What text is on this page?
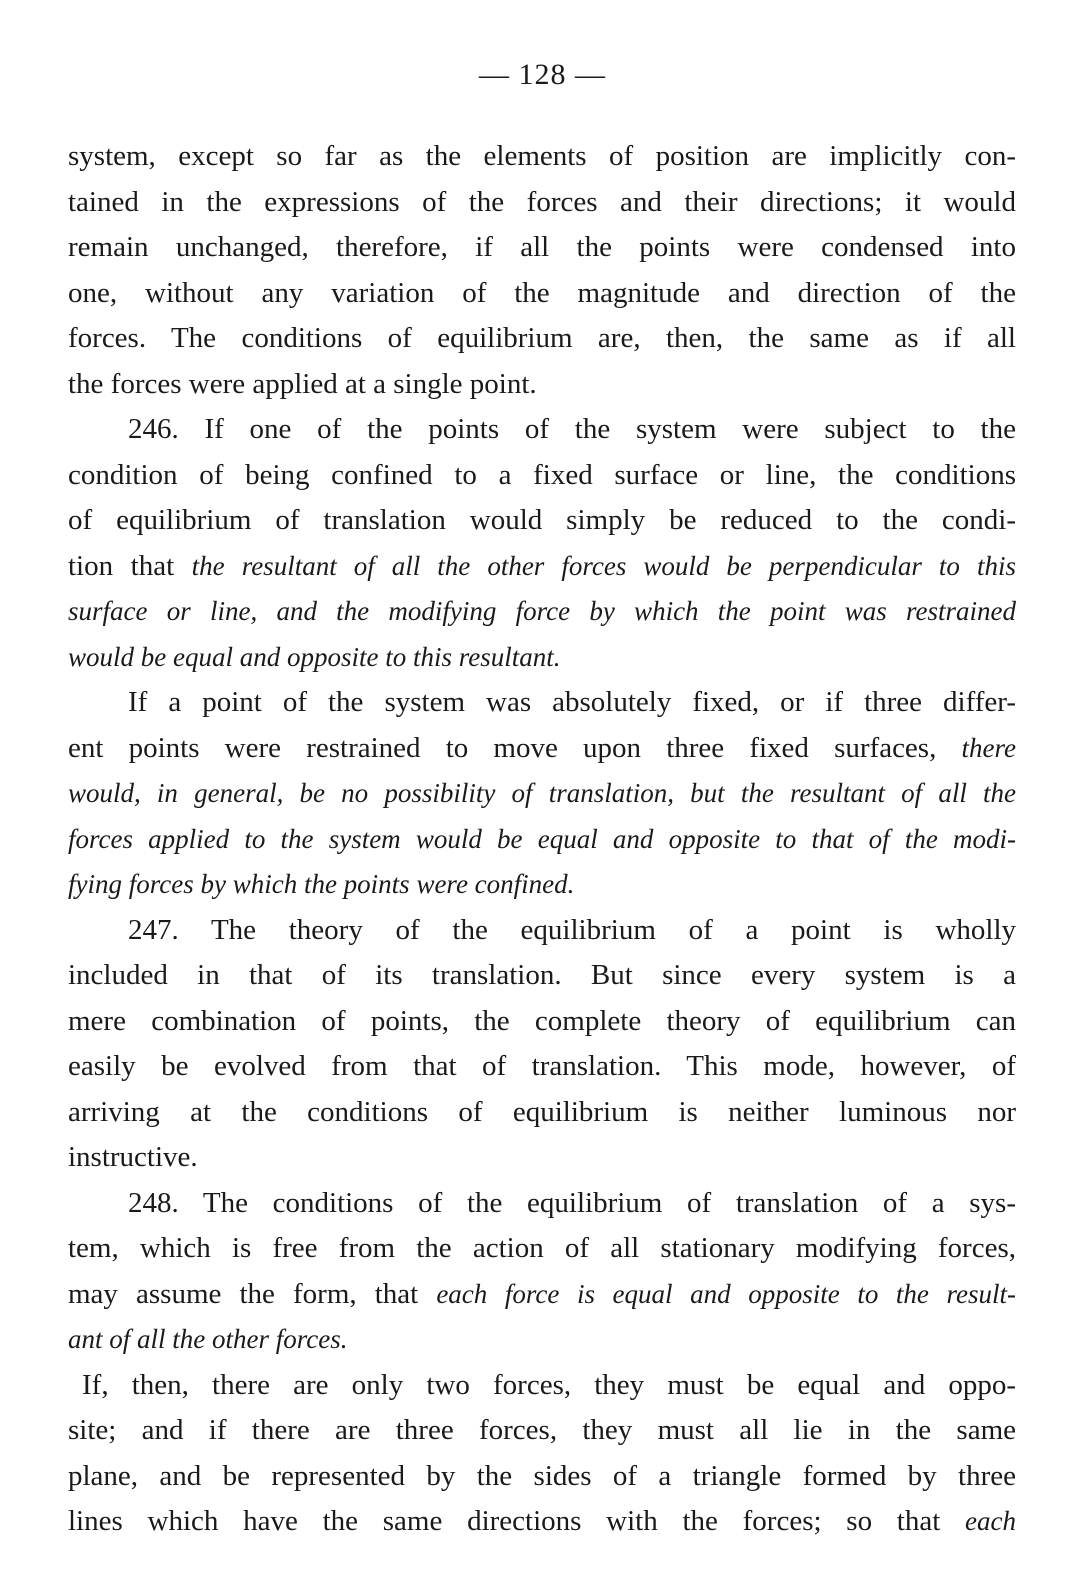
— 128 —
system, except so far as the elements of position are implicitly con-
tained in the expressions of the forces and their directions; it would
remain unchanged, therefore, if all the points were condensed into
one, without any variation of the magnitude and direction of the
forces. The conditions of equilibrium are, then, the same as if all
the forces were applied at a single point.
246. If one of the points of the system were subject to the
condition of being confined to a fixed surface or line, the conditions
of equilibrium of translation would simply be reduced to the condi-
tion that the resultant of all the other forces would be perpendicular to this
surface or line, and the modifying force by which the point was restrained
would be equal and opposite to this resultant.
If a point of the system was absolutely fixed, or if three differ-
ent points were restrained to move upon three fixed surfaces, there
would, in general, be no possibility of translation, but the resultant of all the
forces applied to the system would be equal and opposite to that of the modi-
fying forces by which the points were confined.
247. The theory of the equilibrium of a point is wholly
included in that of its translation. But since every system is a
mere combination of points, the complete theory of equilibrium can
easily be evolved from that of translation. This mode, however, of
arriving at the conditions of equilibrium is neither luminous nor
instructive.
248. The conditions of the equilibrium of translation of a sys-
tem, which is free from the action of all stationary modifying forces,
may assume the form, that each force is equal and opposite to the result-
ant of all the other forces.
If, then, there are only two forces, they must be equal and oppo-
site; and if there are three forces, they must all lie in the same
plane, and be represented by the sides of a triangle formed by three
lines which have the same directions with the forces; so that each
